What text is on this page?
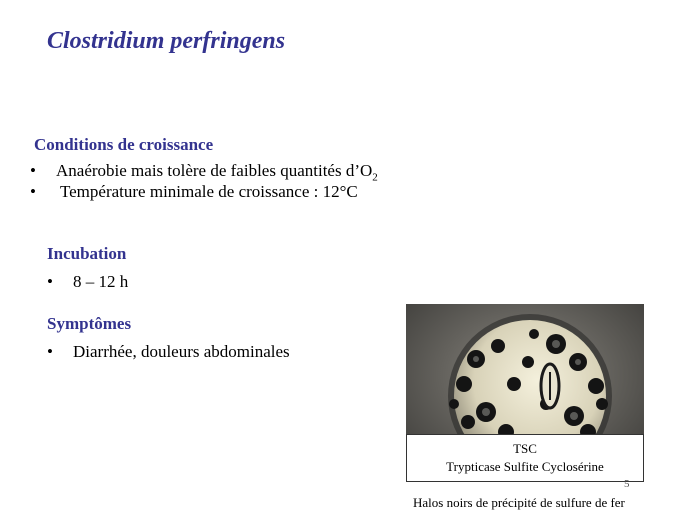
Clostridium perfringens
Conditions de croissance
• Anaérobie mais tolère de faibles quantités $d’O_2$
• Température minimale de croissance : 12°C
Incubation
• 8 – 12 h
Symptômes
• Diarrhée, douleurs abdominales
TSC
Trypticase Sulfite Cyclosérine
5
Halos noirs de précipité de sulfure de fer
